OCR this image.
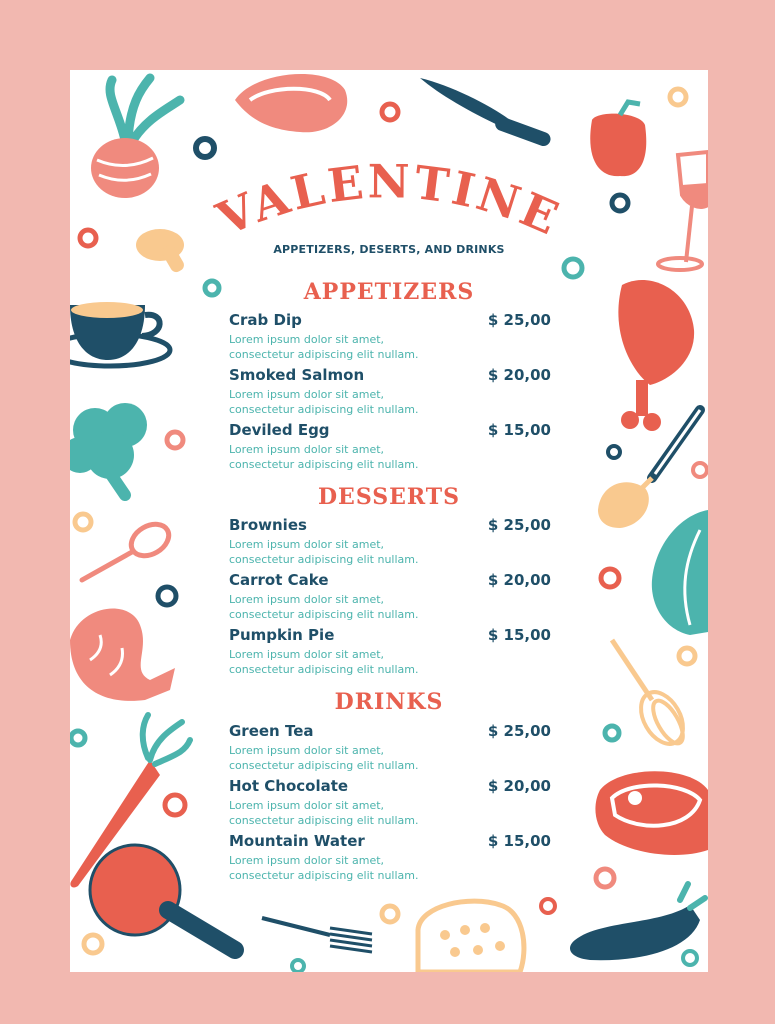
VALENTINE
APPETIZERS, DESERTS, AND DRINKS
APPETIZERS
Crab Dip	$ 25,00
Lorem ipsum dolor sit amet,
consectetur adipiscing elit nullam.
Smoked Salmon	$ 20,00
Lorem ipsum dolor sit amet,
consectetur adipiscing elit nullam.
Deviled Egg	$ 15,00
Lorem ipsum dolor sit amet,
consectetur adipiscing elit nullam.
DESSERTS
Brownies	$ 25,00
Lorem ipsum dolor sit amet,
consectetur adipiscing elit nullam.
Carrot Cake	$ 20,00
Lorem ipsum dolor sit amet,
consectetur adipiscing elit nullam.
Pumpkin Pie	$ 15,00
Lorem ipsum dolor sit amet,
consectetur adipiscing elit nullam.
DRINKS
Green Tea	$ 25,00
Lorem ipsum dolor sit amet,
consectetur adipiscing elit nullam.
Hot Chocolate	$ 20,00
Lorem ipsum dolor sit amet,
consectetur adipiscing elit nullam.
Mountain Water	$ 15,00
Lorem ipsum dolor sit amet,
consectetur adipiscing elit nullam.
